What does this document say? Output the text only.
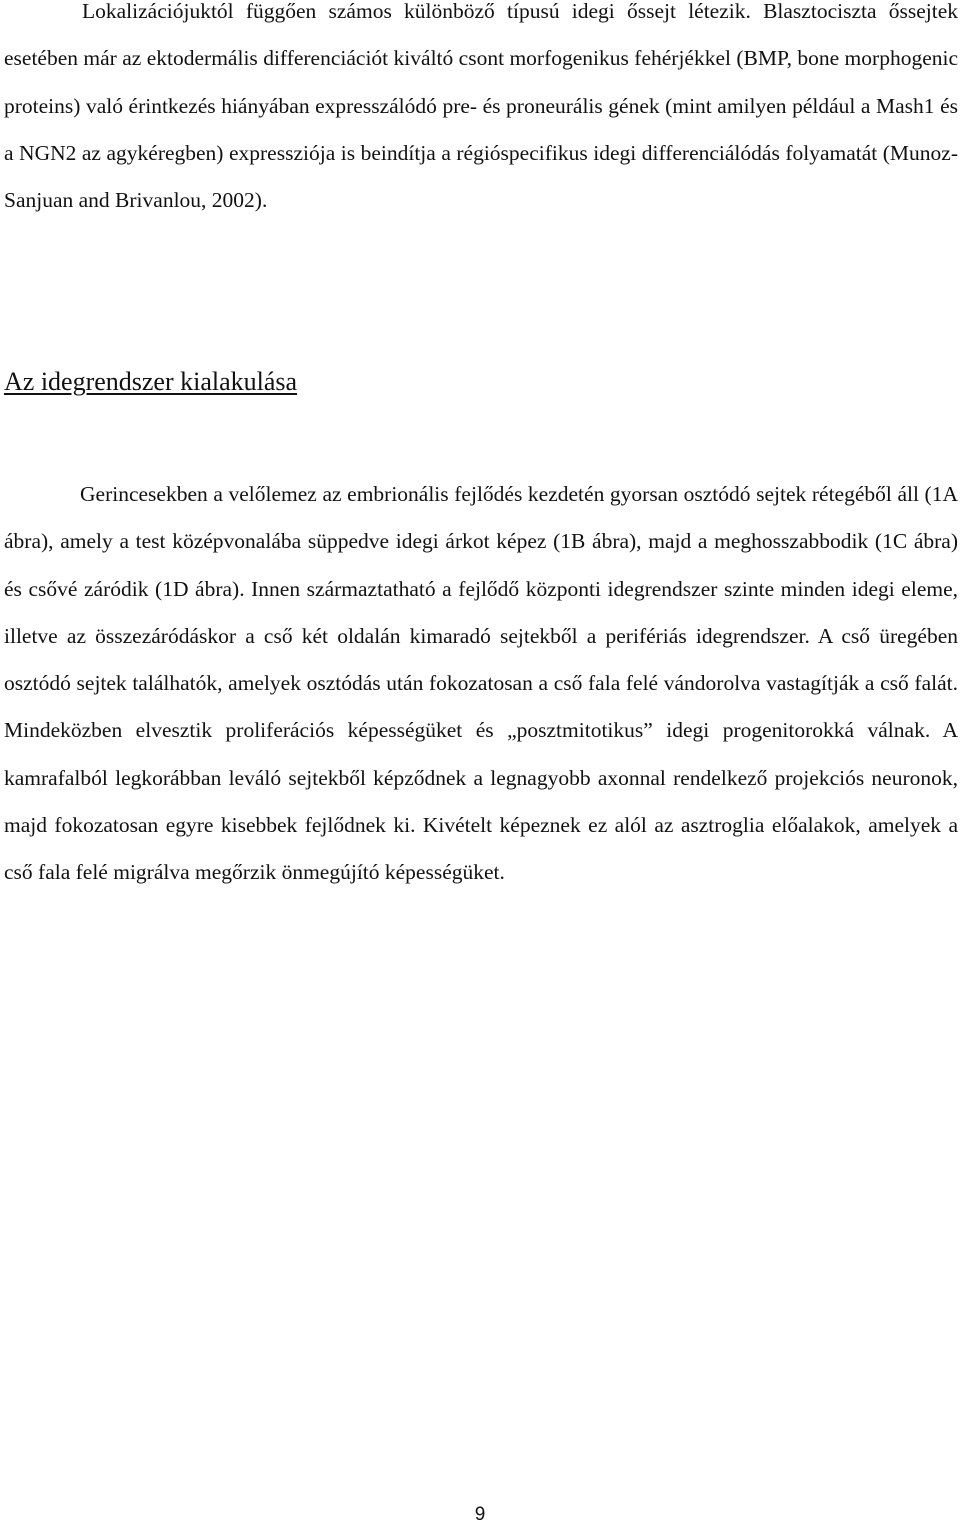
Lokalizációjuktól függően számos különböző típusú idegi őssejt létezik. Blasztociszta őssejtek esetében már az ektodermális differenciációt kiváltó csont morfogenikus fehérjékkel (BMP, bone morphogenic proteins) való érintkezés hiányában expresszálódó pre- és proneurális gének (mint amilyen például a Mash1 és a NGN2 az agykéregben) expressziója is beindítja a régióspecifikus idegi differenciálódás folyamatát (Munoz-Sanjuan and Brivanlou, 2002).

Az idegrendszer kialakulása

Gerincesekben a velőlemez az embrionális fejlődés kezdetén gyorsan osztódó sejtek rétegéből áll (1A ábra), amely a test középvonalába süppedve idegi árkot képez (1B ábra), majd a meghosszabbodik (1C ábra) és csővé záródik (1D ábra). Innen származtatható a fejlődő központi idegrendszer szinte minden idegi eleme, illetve az összezáródáskor a cső két oldalán kimaradó sejtekből a perifériás idegrendszer. A cső üregében osztódó sejtek találhatók, amelyek osztódás után fokozatosan a cső fala felé vándorolva vastagítják a cső falát. Mindeközben elvesztik proliferációs képességüket és „posztmitotikus” idegi progenitorokká válnak. A kamrafalból legkorábban leváló sejtekből képződnek a legnagyobb axonnal rendelkező projekciós neuronok, majd fokozatosan egyre kisebbek fejlődnek ki. Kivételt képeznek ez alól az asztroglia előalakok, amelyek a cső fala felé migrálva megőrzik önmegújító képességüket.

9
